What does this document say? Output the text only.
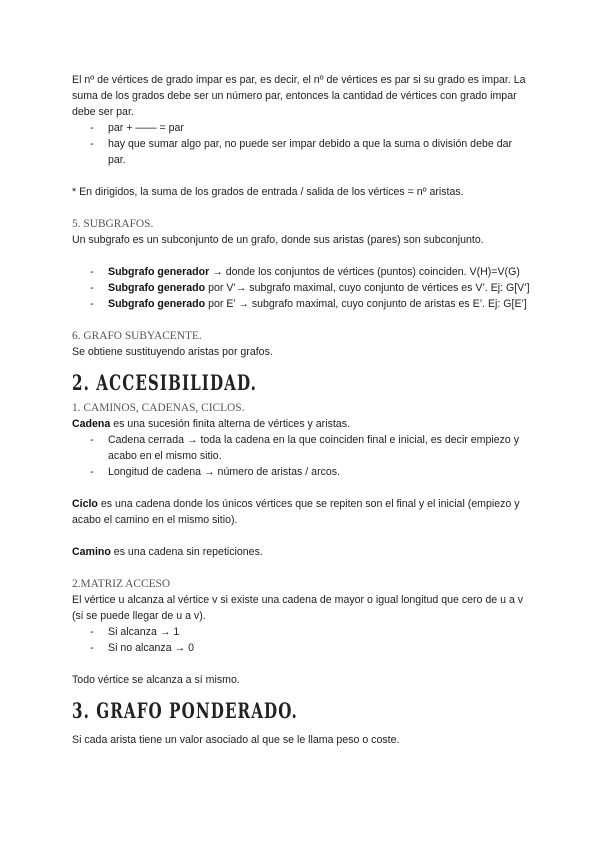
El nº de vértices de grado impar es par, es decir, el nº de vértices es par si su grado es impar. La suma de los grados debe ser un número par, entonces la cantidad de vértices con grado impar debe ser par.

- par + —— = par
- hay que sumar algo par, no puede ser impar debido a que la suma o división debe dar par.

* En dirigidos, la suma de los grados de entrada / salida de los vértices = nº aristas.

5. SUBGRAFOS.

Un subgrafo es un subconjunto de un grafo, donde sus aristas (pares) son subconjunto.

- Subgrafo generador → donde los conjuntos de vértices (puntos) coinciden. V(H)=V(G)
- Subgrafo generado por V’→ subgrafo maximal, cuyo conjunto de vértices es V’. Ej: G[V’]
- Subgrafo generado por E’ → subgrafo maximal, cuyo conjunto de aristas es E’. Ej: G[E’]

6. GRAFO SUBYACENTE.

Se obtiene sustituyendo aristas por grafos.

2. ACCESIBILIDAD.

1. CAMINOS, CADENAS, CICLOS.

Cadena es una sucesión finita alterna de vértices y aristas.

- Cadena cerrada → toda la cadena en la que coinciden final e inicial, es decir empiezo y acabo en el mismo sitio.
- Longitud de cadena → número de aristas / arcos.

Ciclo es una cadena donde los únicos vértices que se repiten son el final y el inicial (empiezo y acabo el camino en el mismo sitio).

Camino es una cadena sin repeticiones.

2.MATRIZ ACCESO

El vértice u alcanza al vértice v si existe una cadena de mayor o igual longitud que cero de u a v (si se puede llegar de u a v).

- Si alcanza → 1
- Si no alcanza → 0

Todo vértice se alcanza a sí mismo.

3. GRAFO PONDERADO.

Si cada arista tiene un valor asociado al que se le llama peso o coste.
